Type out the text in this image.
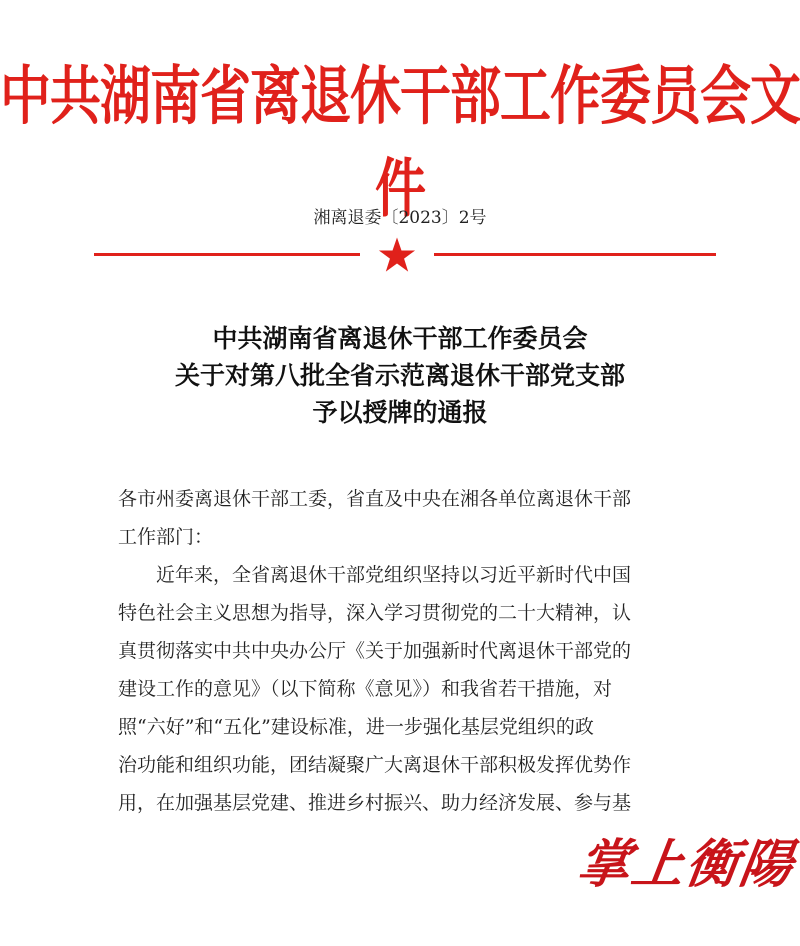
中共湖南省离退休干部工作委员会文件
湘离退委〔2023〕2号
中共湖南省离退休干部工作委员会
关于对第八批全省示范离退休干部党支部
予以授牌的通报

各市州委离退休干部工委，省直及中央在湘各单位离退休干部

工作部门：

近年来，全省离退休干部党组织坚持以习近平新时代中国

特色社会主义思想为指导，深入学习贯彻党的二十大精神，认

真贯彻落实中共中央办公厅《关于加强新时代离退休干部党的

建设工作的意见》（以下简称《意见》）和我省若干措施，对

照“六好”和“五化”建设标准，进一步强化基层党组织的政

治功能和组织功能，团结凝聚广大离退休干部积极发挥优势作

用，在加强基层党建、推进乡村振兴、助力经济发展、参与基

掌上衡陽
